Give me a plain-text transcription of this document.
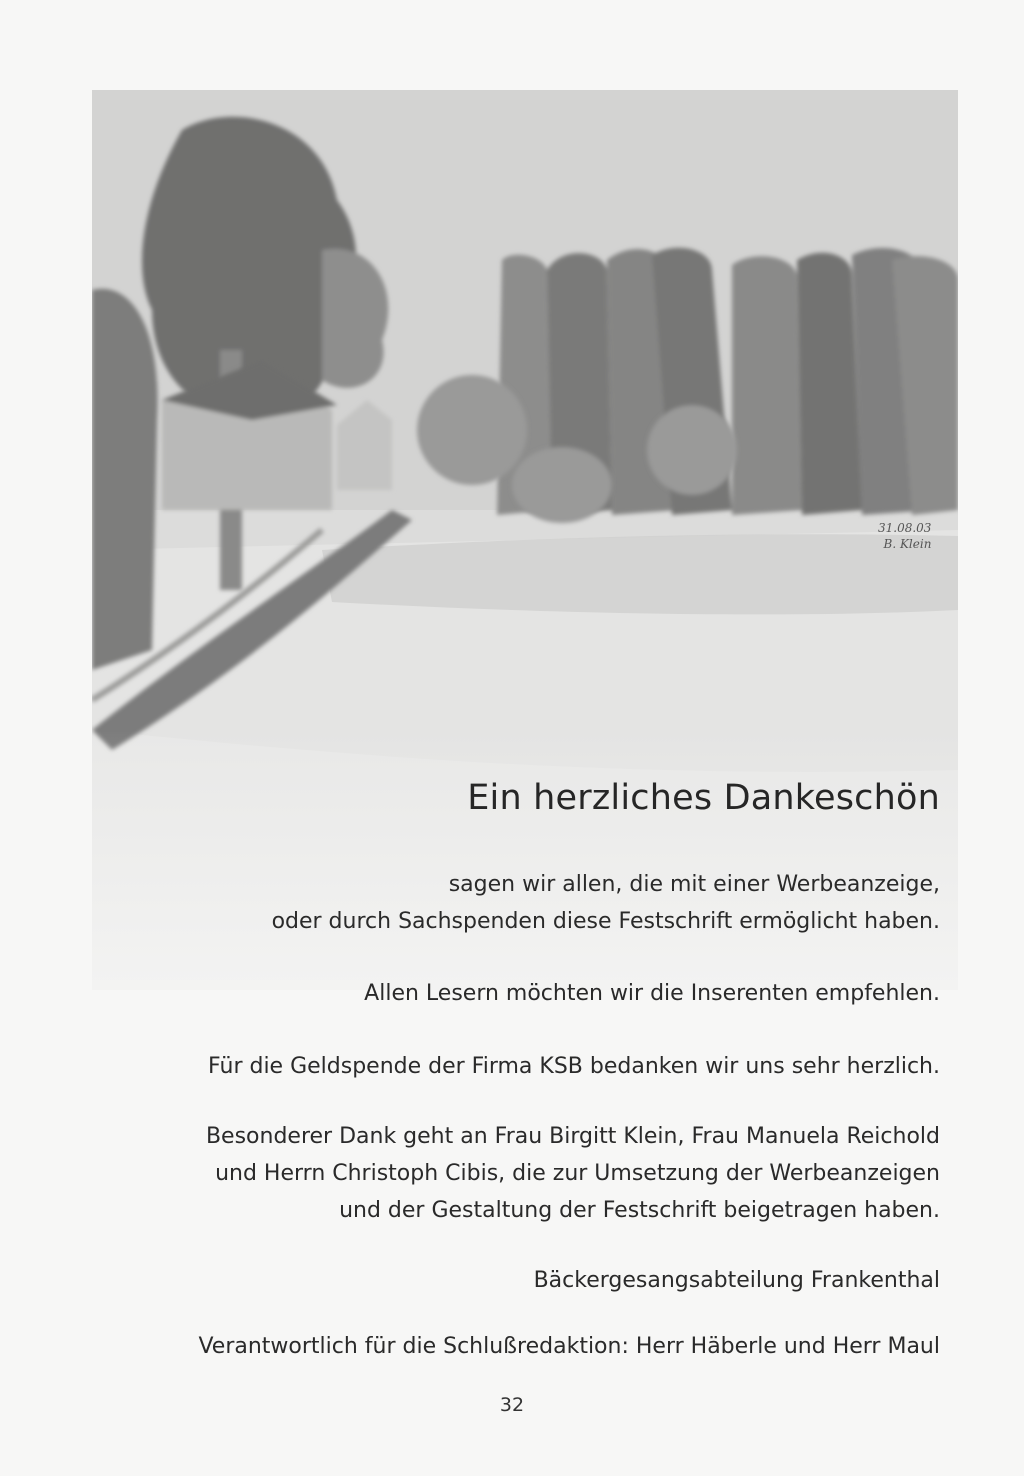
31.08.03
B. Klein
Ein herzliches Dankeschön
sagen wir allen, die mit einer Werbeanzeige,
oder durch Sachspenden diese Festschrift ermöglicht haben.
Allen Lesern möchten wir die Inserenten empfehlen.
Für die Geldspende der Firma KSB bedanken wir uns sehr herzlich.
Besonderer Dank geht an Frau Birgitt Klein, Frau Manuela Reichold
und Herrn Christoph Cibis, die zur Umsetzung der Werbeanzeigen
und der Gestaltung der Festschrift beigetragen haben.
Bäckergesangsabteilung Frankenthal
Verantwortlich für die Schlußredaktion: Herr Häberle und Herr Maul
32
